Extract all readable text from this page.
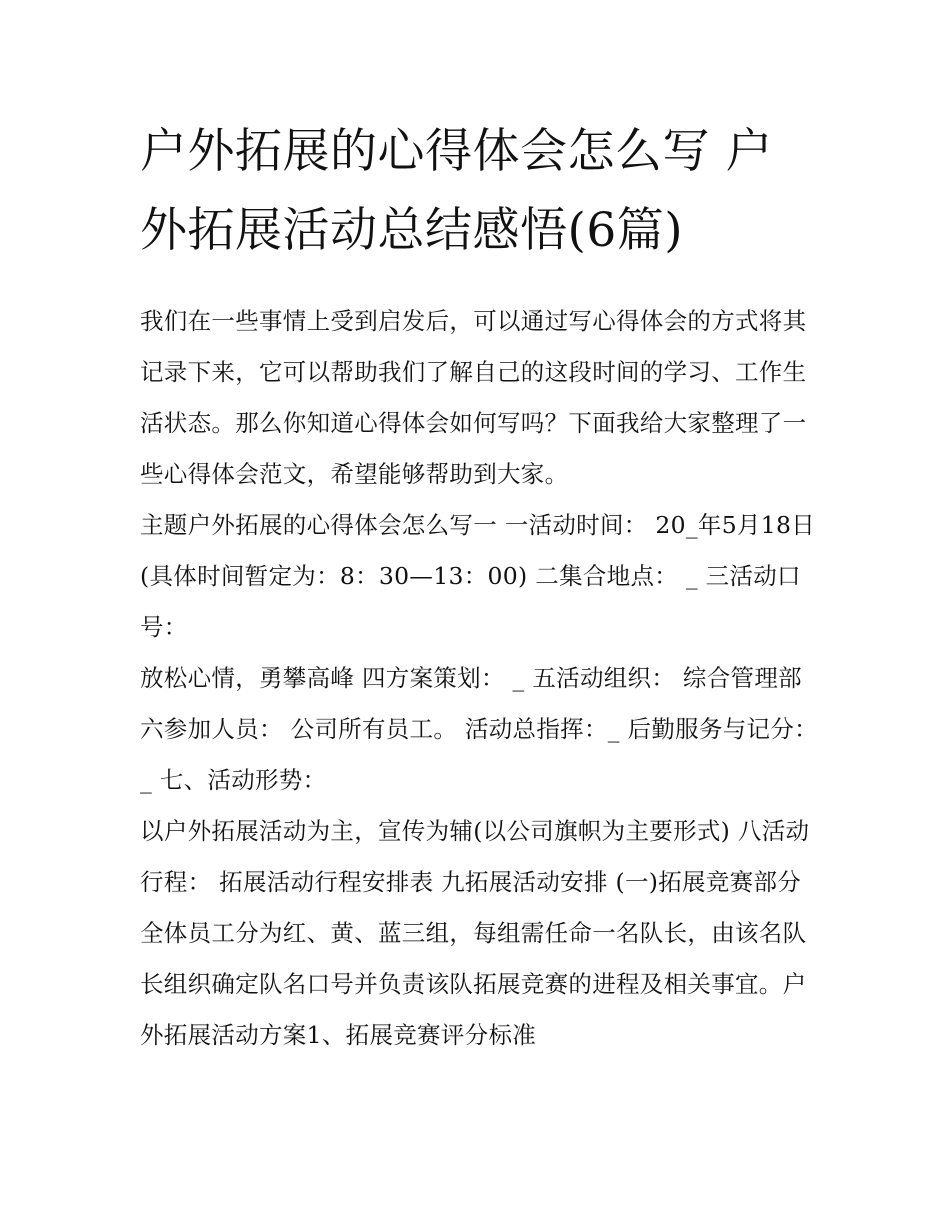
户外拓展的心得体会怎么写 户外拓展活动总结感悟(6篇)

我们在一些事情上受到启发后，可以通过写心得体会的方式将其记录下来，它可以帮助我们了解自己的这段时间的学习、工作生活状态。那么你知道心得体会如何写吗？下面我给大家整理了一些心得体会范文，希望能够帮助到大家。

主题户外拓展的心得体会怎么写一 一活动时间： 20_年5月18日(具体时间暂定为：8：30—13：00) 二集合地点： _ 三活动口号：

放松心情，勇攀高峰 四方案策划： _ 五活动组织： 综合管理部 六参加人员： 公司所有员工。 活动总指挥：_ 后勤服务与记分：_ 七、活动形势：

以户外拓展活动为主，宣传为辅(以公司旗帜为主要形式) 八活动行程： 拓展活动行程安排表 九拓展活动安排 (一)拓展竞赛部分

全体员工分为红、黄、蓝三组，每组需任命一名队长，由该名队长组织确定队名口号并负责该队拓展竞赛的进程及相关事宜。户外拓展活动方案1、拓展竞赛评分标准
